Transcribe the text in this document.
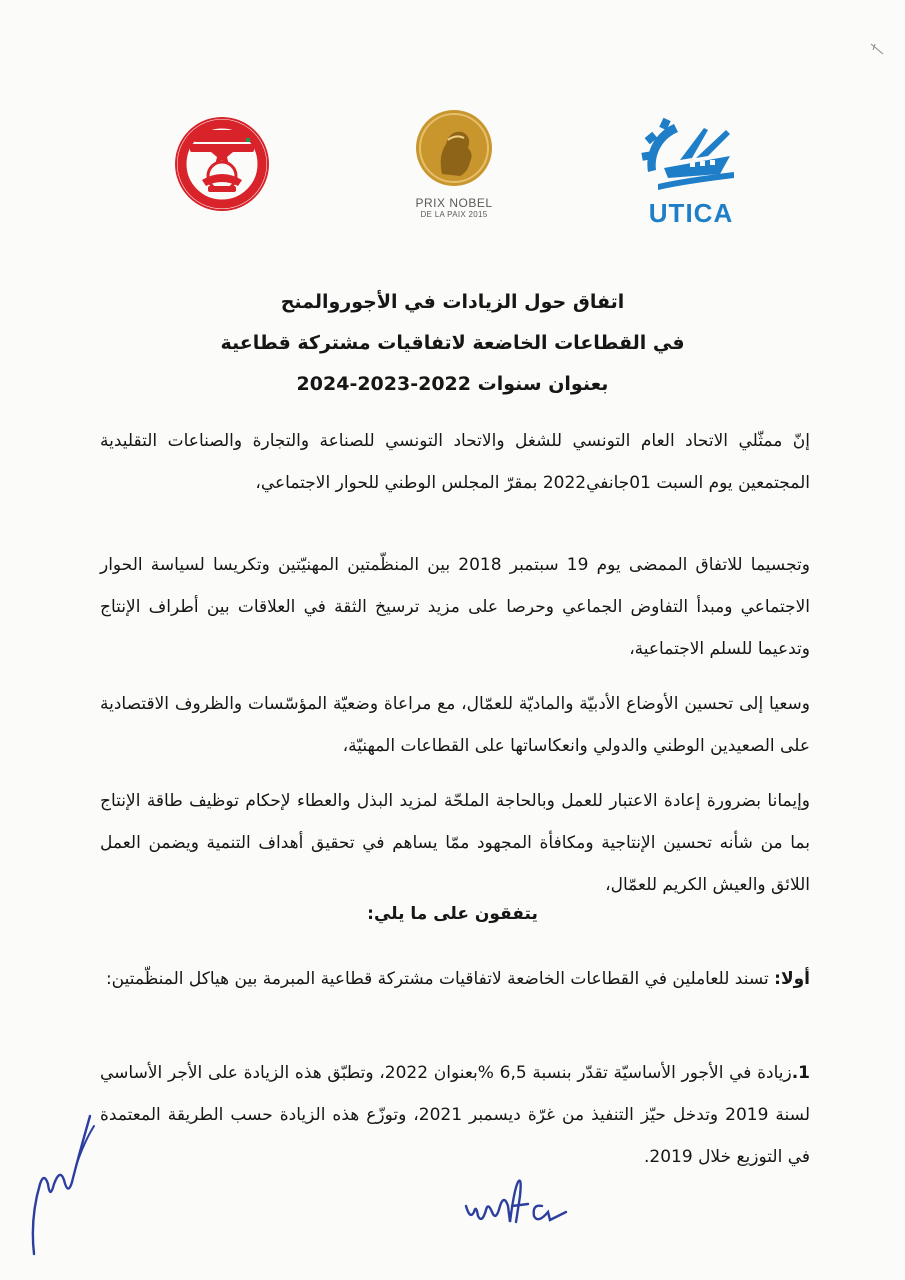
PRIX NOBEL
DE LA PAIX 2015	UTICA
اتفاق حول الزيادات في الأجوروالمنح
في القطاعات الخاضعة لاتفاقيات مشتركة قطاعية
بعنوان سنوات 2022-2023-2024
إنّ ممثّلي الاتحاد العام التونسي للشغل والاتحاد التونسي للصناعة والتجارة والصناعات التقليدية المجتمعين يوم السبت 01جانفي2022 بمقرّ المجلس الوطني للحوار الاجتماعي،
وتجسيما للاتفاق الممضى يوم 19 سبتمبر 2018 بين المنظّمتين المهنيّتين وتكريسا لسياسة الحوار الاجتماعي ومبدأ التفاوض الجماعي وحرصا على مزيد ترسيخ الثقة في العلاقات بين أطراف الإنتاج وتدعيما للسلم الاجتماعية،
وسعيا إلى تحسين الأوضاع الأدبيّة والماديّة للعمّال، مع مراعاة وضعيّة المؤسّسات والظروف الاقتصادية على الصعيدين الوطني والدولي وانعكاساتها على القطاعات المهنيّة،
وإيمانا بضرورة إعادة الاعتبار للعمل وبالحاجة الملحّة لمزيد البذل والعطاء لإحكام توظيف طاقة الإنتاج بما من شأنه تحسين الإنتاجية ومكافأة المجهود ممّا يساهم في تحقيق أهداف التنمية ويضمن العمل اللائق والعيش الكريم للعمّال،
يتفقون على ما يلي:
أولا: تسند للعاملين في القطاعات الخاضعة لاتفاقيات مشتركة قطاعية المبرمة بين هياكل المنظّمتين:
1.زيادة في الأجور الأساسيّة تقدّر بنسبة 6,5 %بعنوان 2022، وتطبّق هذه الزيادة على الأجر الأساسي لسنة 2019 وتدخل حيّز التنفيذ من غرّة ديسمبر 2021، وتوزّع هذه الزيادة حسب الطريقة المعتمدة في التوزيع خلال 2019.
